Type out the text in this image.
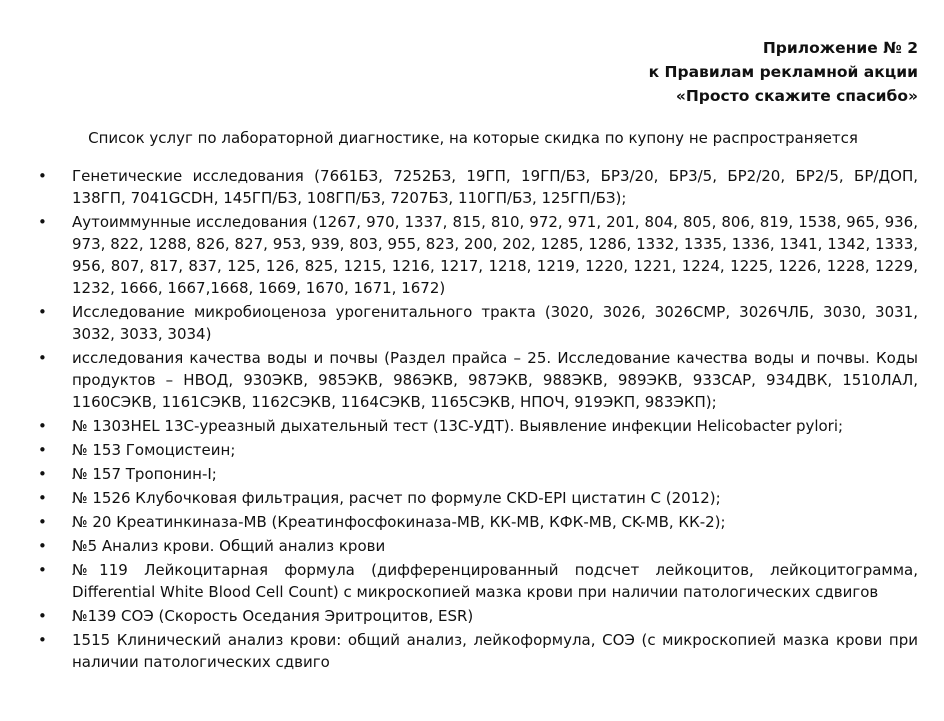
Приложение № 2
к Правилам рекламной акции
«Просто скажите спасибо»
Список услуг по лабораторной диагностике, на которые скидка по купону не распространяется
• Генетические исследования (7661БЗ, 7252БЗ, 19ГП, 19ГП/БЗ, БР3/20, БР3/5, БР2/20, БР2/5, БР/ДОП, 138ГП, 7041GCDH, 145ГП/БЗ, 108ГП/БЗ, 7207БЗ, 110ГП/БЗ, 125ГП/БЗ);
• Аутоиммунные исследования (1267, 970, 1337, 815, 810, 972, 971, 201, 804, 805, 806, 819, 1538, 965, 936, 973, 822, 1288, 826, 827, 953, 939, 803, 955, 823, 200, 202, 1285, 1286, 1332, 1335, 1336, 1341, 1342, 1333, 956, 807, 817, 837, 125, 126, 825, 1215, 1216, 1217, 1218, 1219, 1220, 1221, 1224, 1225, 1226, 1228, 1229, 1232, 1666, 1667,1668, 1669, 1670, 1671, 1672)
• Исследование микробиоценоза урогенитального тракта (3020, 3026, 3026СМР, 3026ЧЛБ, 3030, 3031, 3032, 3033, 3034)
• исследования качества воды и почвы (Раздел прайса – 25. Исследование качества воды и почвы. Коды продуктов – НВОД, 930ЭКВ, 985ЭКВ, 986ЭКВ, 987ЭКВ, 988ЭКВ, 989ЭКВ, 933САР, 934ДВК, 1510ЛАЛ, 1160СЭКВ, 1161СЭКВ, 1162СЭКВ, 1164СЭКВ, 1165СЭКВ, НПОЧ, 919ЭКП, 983ЭКП);
• № 1303HEL 13С-уреазный дыхательный тест (13С-УДТ). Выявление инфекции Helicobacter pylori;
• № 153 Гомоцистеин;
• № 157 Тропонин-I;
• № 1526 Клубочковая фильтрация, расчет по формуле CKD-EPI цистатин С (2012);
• № 20 Креатинкиназа-МВ (Креатинфосфокиназа-МВ, КК-МВ, КФК-МВ, CK-MB, КК-2);
• №5 Анализ крови. Общий анализ крови
• №119 Лейкоцитарная формула (дифференцированный подсчет лейкоцитов, лейкоцитограмма, Differential White Blood Cell Count) с микроскопией мазка крови при наличии патологических сдвигов
• №139 СОЭ (Скорость Оседания Эритроцитов, ESR)
• 1515 Клинический анализ крови: общий анализ, лейкоформула, СОЭ (с микроскопией мазка крови при наличии патологических сдвиго
